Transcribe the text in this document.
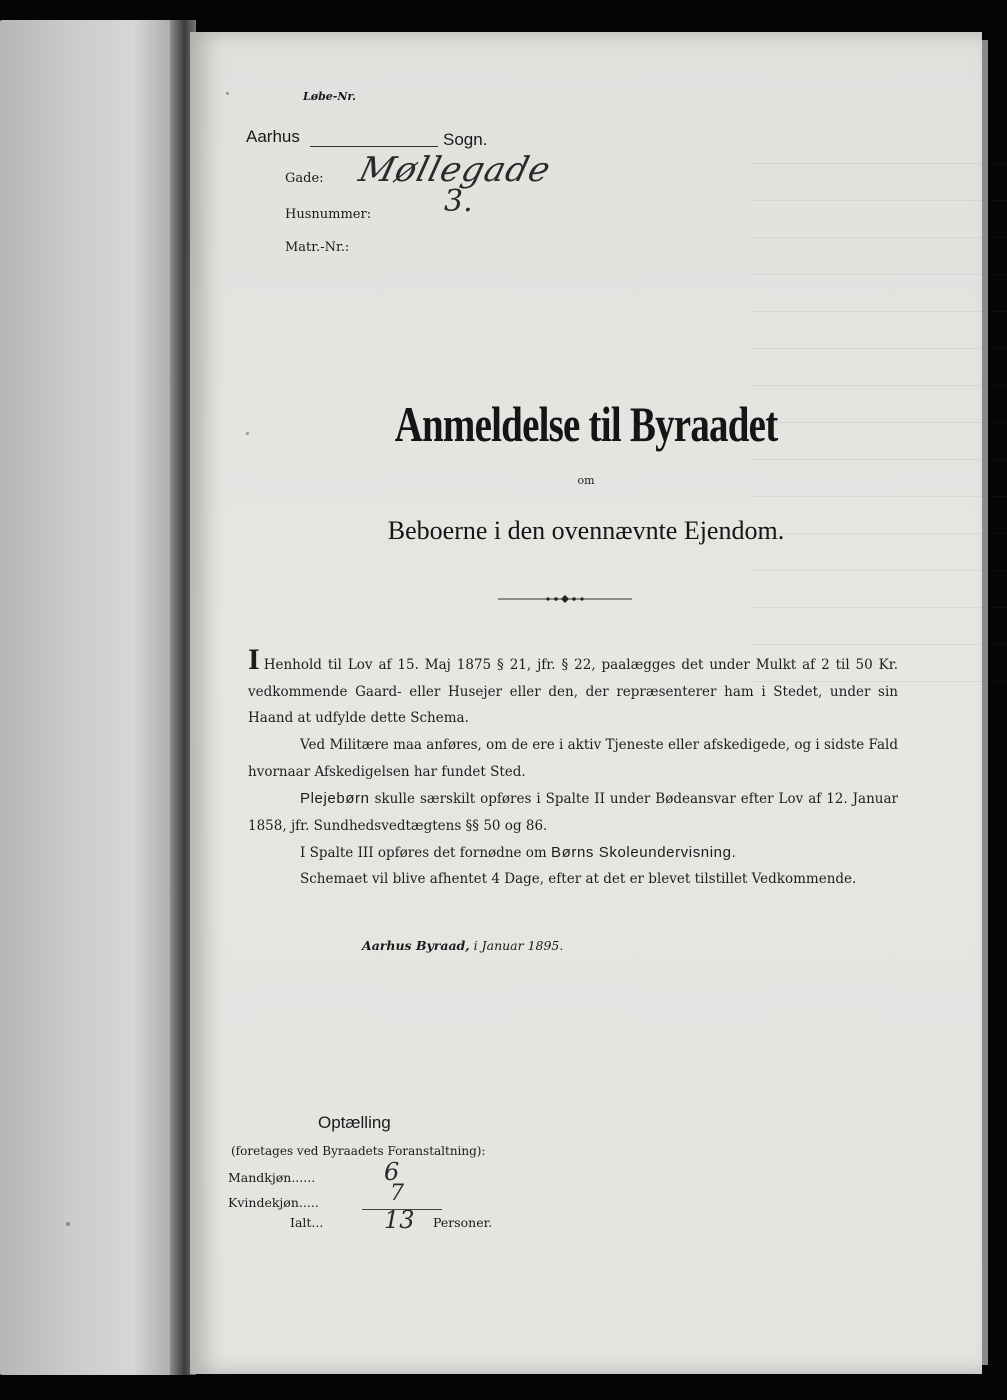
Løbe-Nr.
Aarhus	Sogn.
Gade: Møllegade
Husnummer: 3.
Matr.-Nr.:
Anmeldelse til Byraadet
om
Beboerne i den ovennævnte Ejendom.
I Henhold til Lov af 15. Maj 1875 § 21, jfr. § 22, paalægges det under Mulkt af 2 til 50 Kr. vedkommende Gaard- eller Husejer eller den, der repræsenterer ham i Stedet, under sin Haand at udfylde dette Schema.
Ved Militære maa anføres, om de ere i aktiv Tjeneste eller afskedigede, og i sidste Fald hvornaar Afskedigelsen har fundet Sted.
Plejebørn skulle særskilt opføres i Spalte II under Bødeansvar efter Lov af 12. Januar 1858, jfr. Sundhedsvedtægtens §§ 50 og 86.
I Spalte III opføres det fornødne om Børns Skoleundervisning.
Schemaet vil blive afhentet 4 Dage, efter at det er blevet tilstillet Vedkommende.
Aarhus Byraad, i Januar 1895.
Optælling
(foretages ved Byraadets Foranstaltning):
Mandkjøn......	6
Kvindekjøn.....	7
Ialt...	13 Personer.
